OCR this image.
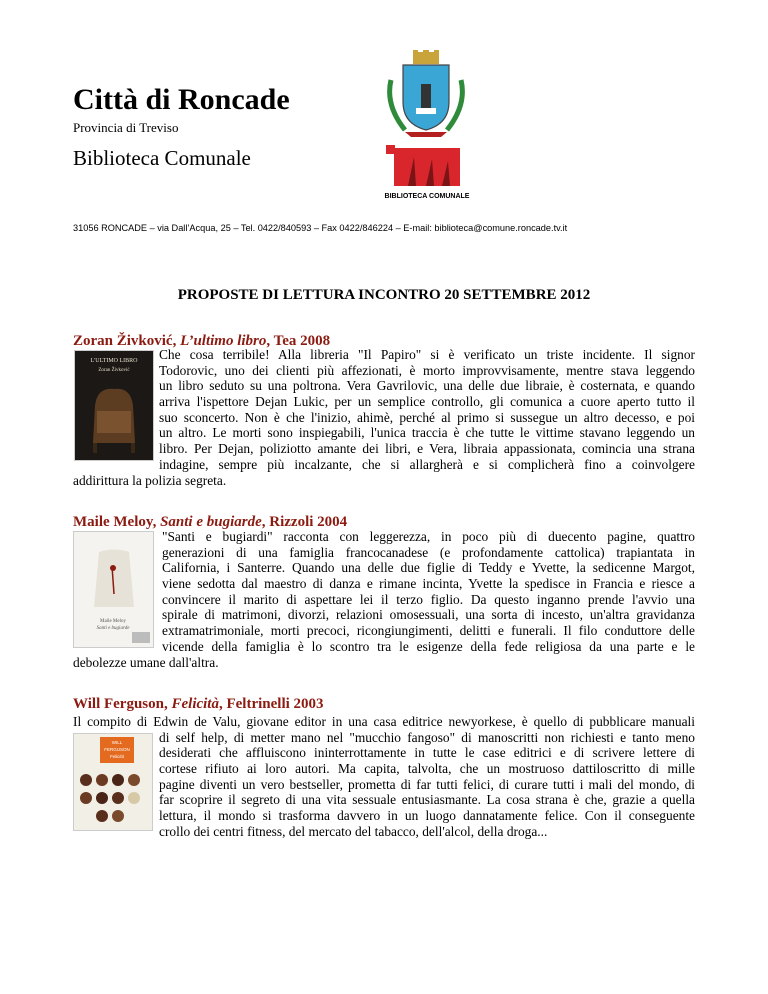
Città di Roncade
Provincia di Treviso
Biblioteca Comunale
BIBLIOTECA COMUNALE
31056 RONCADE – via Dall’Acqua, 25 – Tel. 0422/840593 – Fax 0422/846224 – E-mail: biblioteca@comune.roncade.tv.it
PROPOSTE DI LETTURA INCONTRO 20 SETTEMBRE 2012
Zoran Živković, L’ultimo libro, Tea 2008
L'ULTIMO LIBRO
Zoran Živković
Che cosa terribile! Alla libreria "Il Papiro" si è verificato un triste incidente. Il signor
Todorovic, uno dei clienti più affezionati, è morto improvvisamente, mentre stava leggendo
un libro seduto su una poltrona. Vera Gavrilovic, una delle due libraie, è costernata, e quando
arriva l'ispettore Dejan Lukic, per un semplice controllo, gli comunica a cuore aperto tutto il
suo sconcerto. Non è che l'inizio, ahimè, perché al primo si sussegue un altro decesso, e poi
un altro. Le morti sono inspiegabili, l'unica traccia è che tutte le vittime stavano leggendo un
libro. Per Dejan, poliziotto amante dei libri, e Vera, libraia appassionata, comincia una strana
indagine, sempre più incalzante, che si allargherà e si complicherà fino a coinvolgere
addirittura la polizia segreta.
Maile Meloy, Santi e bugiarde, Rizzoli 2004
Maile Meloy
Santi e bugiarde
"Santi e bugiardi" racconta con leggerezza, in poco più di duecento pagine, quattro
generazioni di una famiglia francocanadese (e profondamente cattolica) trapiantata in
California, i Santerre. Quando una delle due figlie di Teddy e Yvette, la sedicenne Margot,
viene sedotta dal maestro di danza e rimane incinta, Yvette la spedisce in Francia e riesce a
convincere il marito di aspettare lei il terzo figlio. Da questo inganno prende l'avvio una
spirale di matrimoni, divorzi, relazioni omosessuali, una sorta di incesto, un'altra gravidanza
extramatrimoniale, morti precoci, ricongiungimenti, delitti e funerali. Il filo conduttore delle
vicende della famiglia è lo scontro tra le esigenze della fede religiosa da una parte e le
debolezze umane dall'altra.
Will Ferguson, Felicità, Feltrinelli 2003
Il compito di Edwin de Valu, giovane editor in una casa editrice newyorkese, è quello di pubblicare manuali
WILL
FERGUSON
Felicità
di self help, di metter mano nel "mucchio fangoso" di manoscritti non richiesti e tanto meno
desiderati che affluiscono ininterrottamente in tutte le case editrici e di scrivere lettere di
cortese rifiuto ai loro autori. Ma capita, talvolta, che un mostruoso dattiloscritto di mille
pagine diventi un vero bestseller, prometta di far tutti felici, di curare tutti i mali del mondo, di
far scoprire il segreto di una vita sessuale entusiasmante. La cosa strana è che, grazie a quella
lettura, il mondo si trasforma davvero in un luogo dannatamente felice. Con il conseguente
crollo dei centri fitness, del mercato del tabacco, dell'alcol, della droga...
